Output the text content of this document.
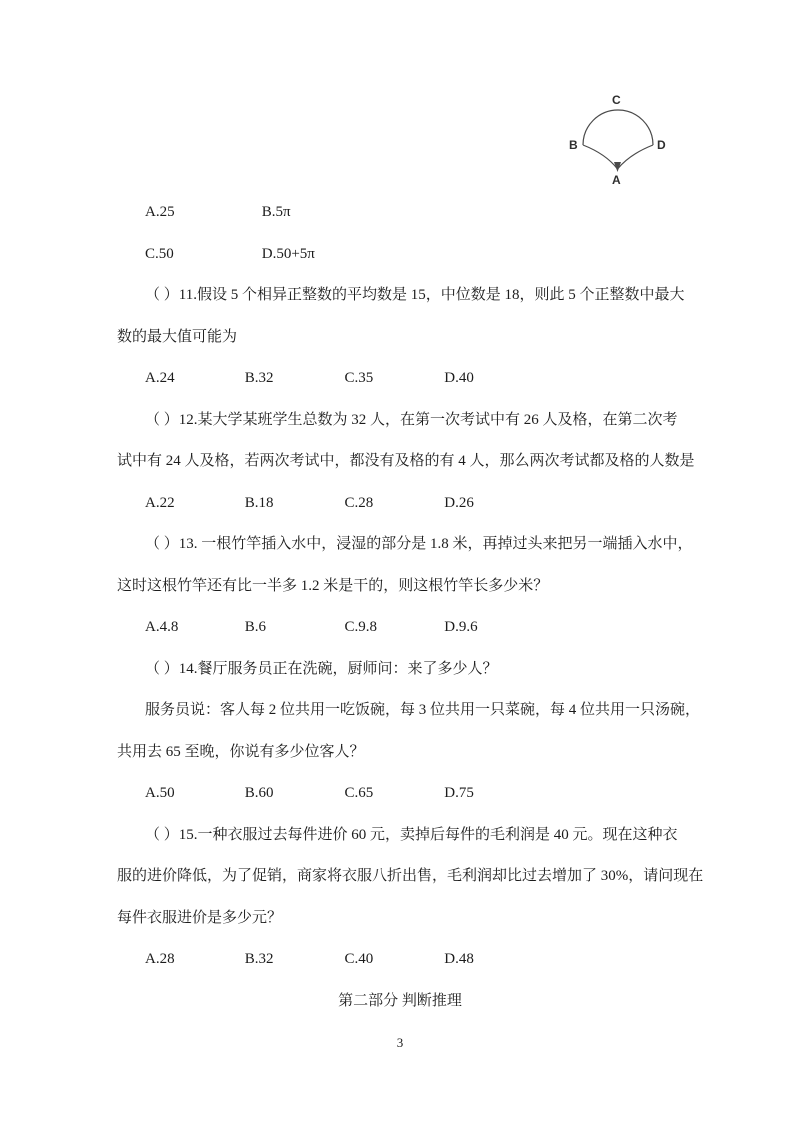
C
B	D
A
A.25	B.5π
C.50	D.50+5π
（ ）11.假设 5 个相异正整数的平均数是 15，中位数是 18，则此 5 个正整数中最大
数的最大值可能为
A.24	B.32	C.35	D.40
（ ）12.某大学某班学生总数为 32 人，在第一次考试中有 26 人及格，在第二次考
试中有 24 人及格，若两次考试中，都没有及格的有 4 人，那么两次考试都及格的人数是
A.22	B.18	C.28	D.26
（ ）13. 一根竹竿插入水中，浸湿的部分是 1.8 米，再掉过头来把另一端插入水中，
这时这根竹竿还有比一半多 1.2 米是干的，则这根竹竿长多少米？
A.4.8	B.6	C.9.8	D.9.6
（ ）14.餐厅服务员正在洗碗，厨师问：来了多少人？
服务员说：客人每 2 位共用一吃饭碗，每 3 位共用一只菜碗，每 4 位共用一只汤碗，
共用去 65 至晚，你说有多少位客人？
A.50	B.60	C.65	D.75
（ ）15.一种衣服过去每件进价 60 元，卖掉后每件的毛利润是 40 元。现在这种衣
服的进价降低，为了促销，商家将衣服八折出售，毛利润却比过去增加了 30%，请问现在
每件衣服进价是多少元？
A.28	B.32	C.40	D.48
第二部分 判断推理
3
